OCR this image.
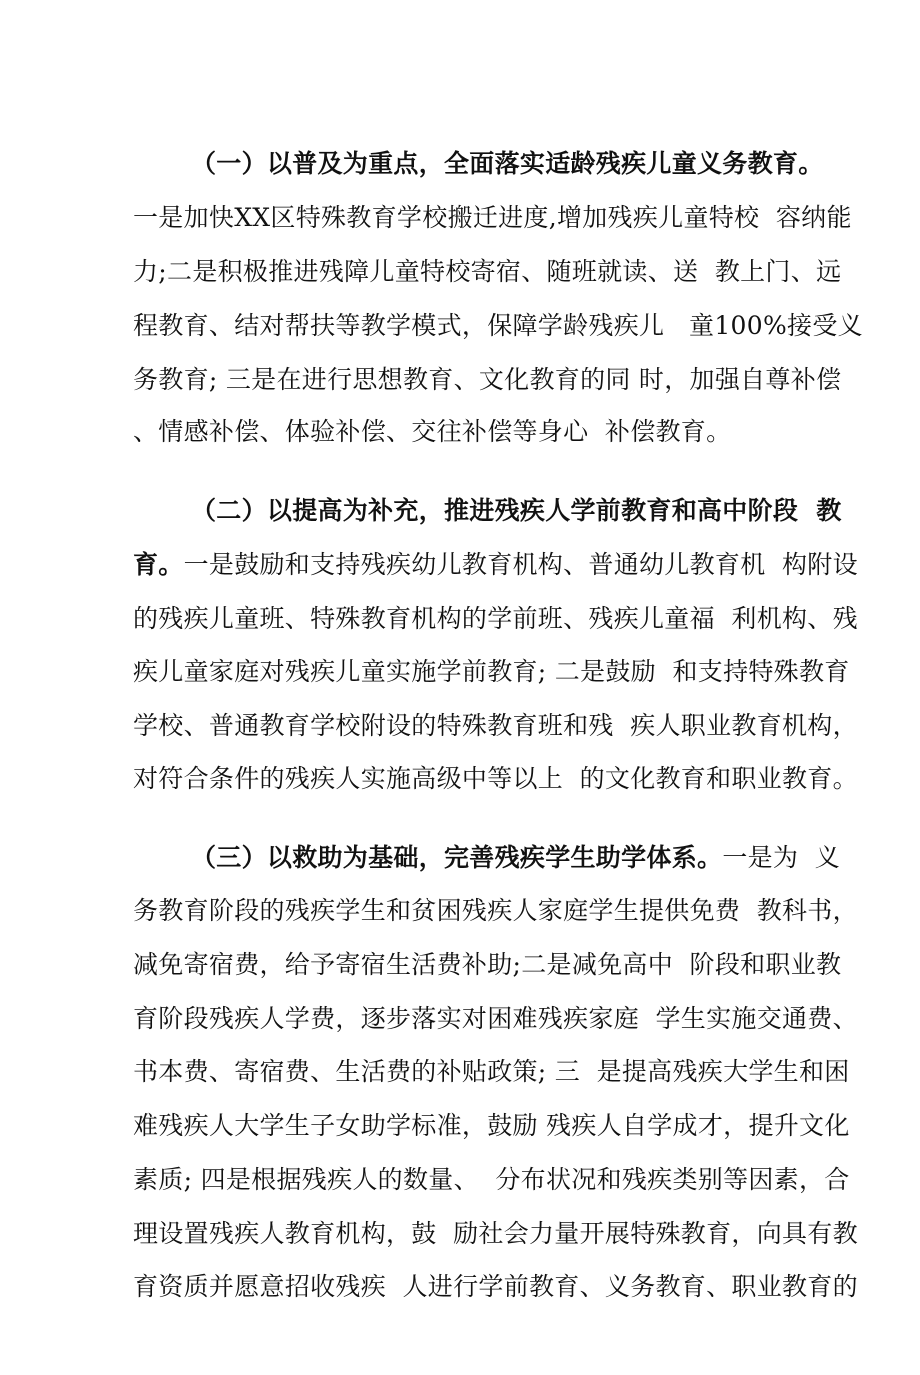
（一）以普及为重点，全面落实适龄残疾儿童义务教育。

一是加快XX区特殊教育学校搬迁进度,增加残疾儿童特校  容纳能

力;二是积极推进残障儿童特校寄宿、随班就读、送  教上门、远

程教育、结对帮扶等教学模式，保障学龄残疾儿   童100%接受义

务教育; 三是在进行思想教育、文化教育的同 时，加强自尊补偿

、情感补偿、体验补偿、交往补偿等身心  补偿教育。

（二）以提高为补充，推进残疾人学前教育和高中阶段  教

育。一是鼓励和支持残疾幼儿教育机构、普通幼儿教育机  构附设

的残疾儿童班、特殊教育机构的学前班、残疾儿童福  利机构、残

疾儿童家庭对残疾儿童实施学前教育; 二是鼓励  和支持特殊教育

学校、普通教育学校附设的特殊教育班和残  疾人职业教育机构，

对符合条件的残疾人实施高级中等以上  的文化教育和职业教育。

（三）以救助为基础，完善残疾学生助学体系。一是为  义

务教育阶段的残疾学生和贫困残疾人家庭学生提供免费  教科书，

减免寄宿费，给予寄宿生活费补助;二是减免高中  阶段和职业教

育阶段残疾人学费，逐步落实对困难残疾家庭  学生实施交通费、

书本费、寄宿费、生活费的补贴政策; 三  是提高残疾大学生和困

难残疾人大学生子女助学标准，鼓励 残疾人自学成才，提升文化

素质; 四是根据残疾人的数量、  分布状况和残疾类别等因素，合

理设置残疾人教育机构，鼓  励社会力量开展特殊教育，向具有教

育资质并愿意招收残疾  人进行学前教育、义务教育、职业教育的
